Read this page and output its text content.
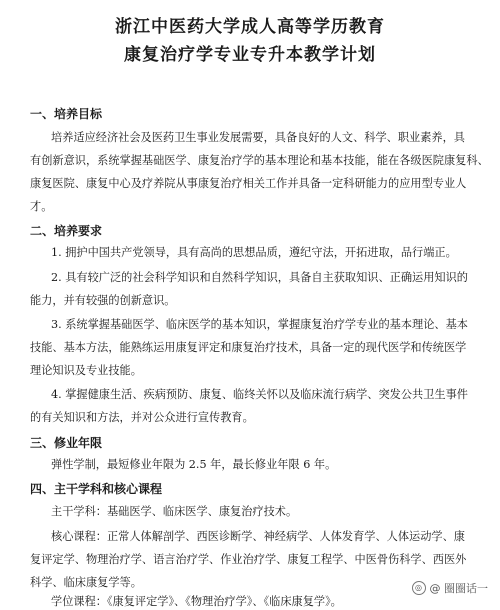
浙江中医药大学成人高等学历教育
康复治疗学专业专升本教学计划
一、培养目标
培养适应经济社会及医药卫生事业发展需要，具备良好的人文、科学、职业素养，具
有创新意识，系统掌握基础医学、康复治疗学的基本理论和基本技能，能在各级医院康复科、
康复医院、康复中心及疗养院从事康复治疗相关工作并具备一定科研能力的应用型专业人
才。
二、培养要求
1. 拥护中国共产党领导，具有高尚的思想品质，遵纪守法，开拓进取，品行端正。
2. 具有较广泛的社会科学知识和自然科学知识，具备自主获取知识、正确运用知识的
能力，并有较强的创新意识。
3. 系统掌握基础医学、临床医学的基本知识，掌握康复治疗学专业的基本理论、基本
技能、基本方法，能熟练运用康复评定和康复治疗技术，具备一定的现代医学和传统医学
理论知识及专业技能。
4. 掌握健康生活、疾病预防、康复、临终关怀以及临床流行病学、突发公共卫生事件
的有关知识和方法，并对公众进行宣传教育。
三、修业年限
弹性学制，最短修业年限为 2.5 年，最长修业年限 6 年。
四、主干学科和核心课程
主干学科：基础医学、临床医学、康复治疗技术。
核心课程：正常人体解剖学、西医诊断学、神经病学、人体发育学、人体运动学、康
复评定学、物理治疗学、语言治疗学、作业治疗学、康复工程学、中医骨伤科学、西医外
科学、临床康复学等。
学位课程：《康复评定学》、《物理治疗学》、《临床康复学》。
◎ @ 圈圈话一
